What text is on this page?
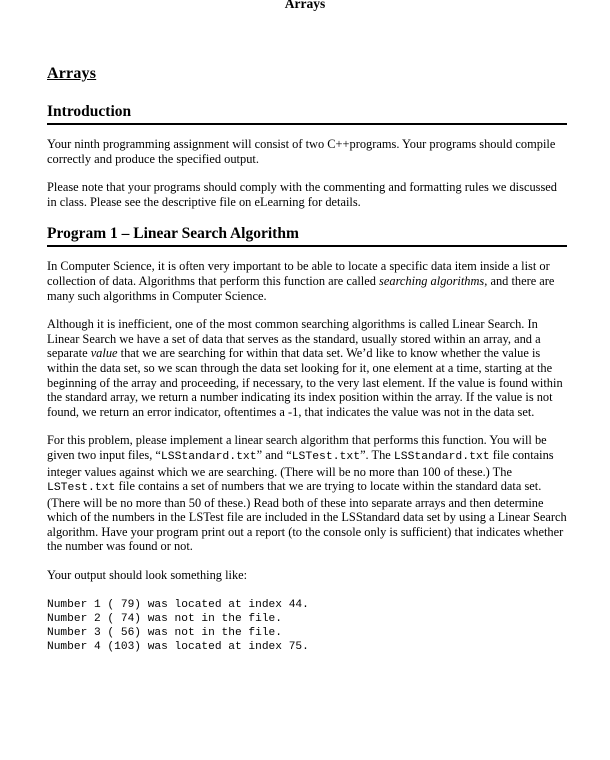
Arrays
Arrays
Introduction

Your ninth programming assignment will consist of two C++programs. Your programs should compile correctly and produce the specified output.

Please note that your programs should comply with the commenting and formatting rules we discussed in class. Please see the descriptive file on eLearning for details.

Program 1 – Linear Search Algorithm

In Computer Science, it is often very important to be able to locate a specific data item inside a list or collection of data. Algorithms that perform this function are called searching algorithms, and there are many such algorithms in Computer Science.

Although it is inefficient, one of the most common searching algorithms is called Linear Search. In Linear Search we have a set of data that serves as the standard, usually stored within an array, and a separate value that we are searching for within that data set. We’d like to know whether the value is within the data set, so we scan through the data set looking for it, one element at a time, starting at the beginning of the array and proceeding, if necessary, to the very last element. If the value is found within the standard array, we return a number indicating its index position within the array. If the value is not found, we return an error indicator, oftentimes a -1, that indicates the value was not in the data set.

For this problem, please implement a linear search algorithm that performs this function. You will be given two input files, “LSStandard.txt” and “LSTest.txt”. The LSStandard.txt file contains integer values against which we are searching. (There will be no more than 100 of these.) The LSTest.txt file contains a set of numbers that we are trying to locate within the standard data set. (There will be no more than 50 of these.) Read both of these into separate arrays and then determine which of the numbers in the LSTest file are included in the LSStandard data set by using a Linear Search algorithm. Have your program print out a report (to the console only is sufficient) that indicates whether the number was found or not.

Your output should look something like:

Number 1 ( 79) was located at index 44.
Number 2 ( 74) was not in the file.
Number 3 ( 56) was not in the file.
Number 4 (103) was located at index 75.
